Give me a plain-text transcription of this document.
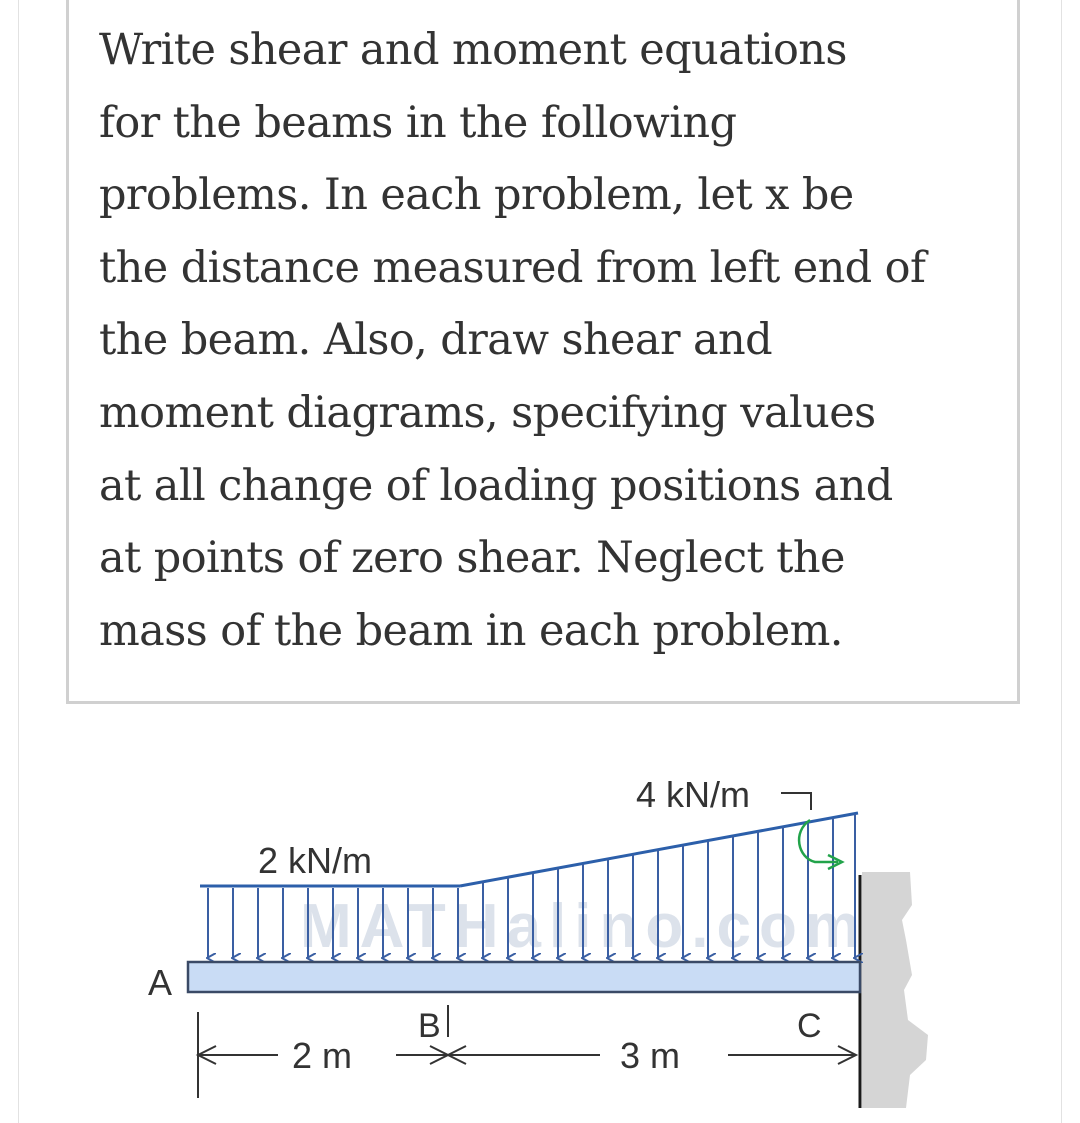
Write shear and moment equations
for the beams in the following
problems. In each problem, let x be
the distance measured from left end of
the beam. Also, draw shear and
moment diagrams, specifying values
at all change of loading positions and
at points of zero shear. Neglect the
mass of the beam in each problem.

MATHalino.com
2 kN/m
4 kN/m
A
B	C
2 m	3 m
